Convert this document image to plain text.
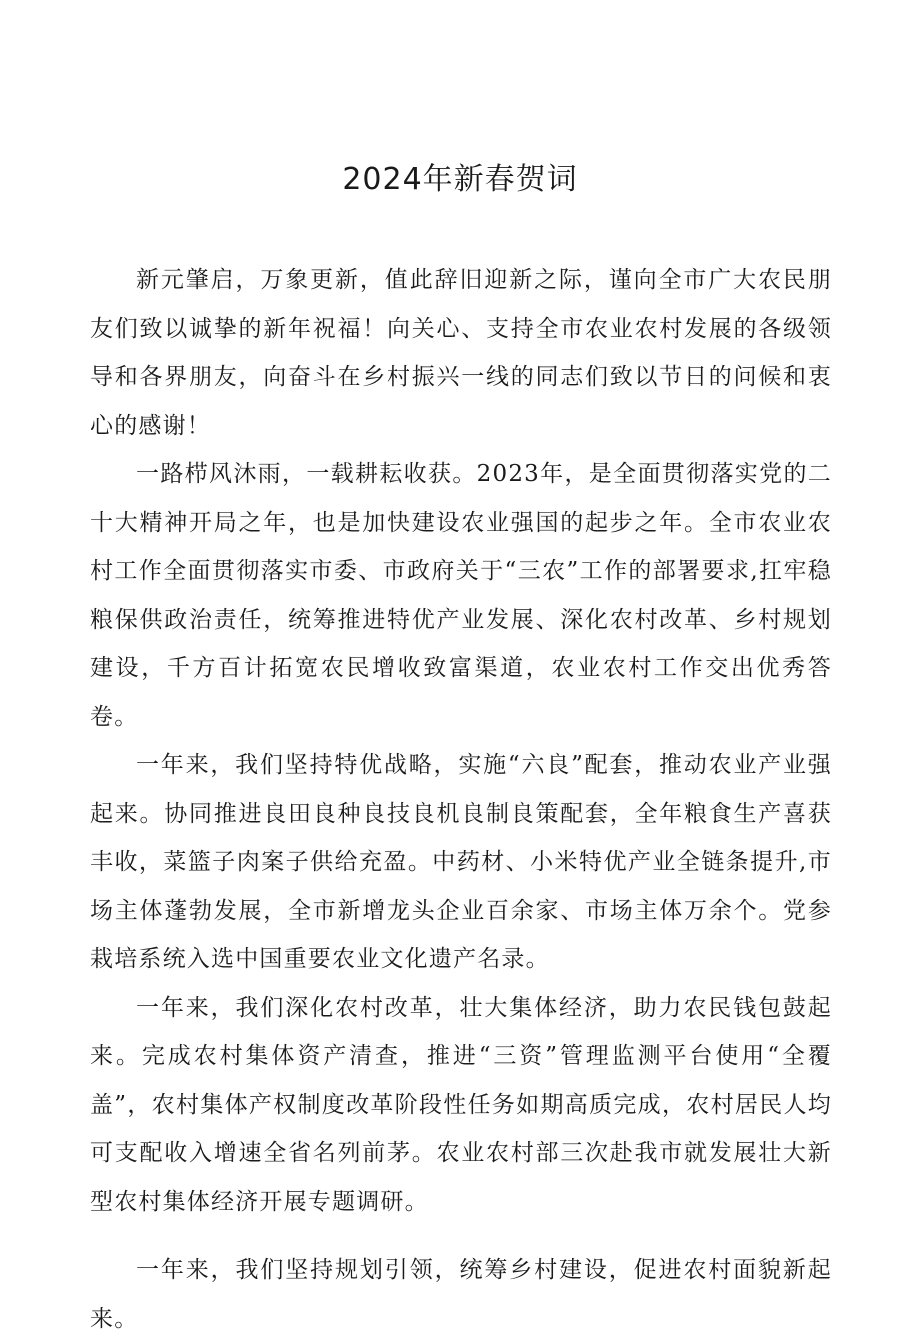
2024年新春贺词

新元肇启，万象更新，值此辞旧迎新之际，谨向全市广大农民朋友们致以诚挚的新年祝福！向关心、支持全市农业农村发展的各级领导和各界朋友，向奋斗在乡村振兴一线的同志们致以节日的问候和衷心的感谢！

一路栉风沐雨，一载耕耘收获。2023年，是全面贯彻落实党的二十大精神开局之年，也是加快建设农业强国的起步之年。全市农业农村工作全面贯彻落实市委、市政府关于“三农”工作的部署要求,扛牢稳粮保供政治责任，统筹推进特优产业发展、深化农村改革、乡村规划建设，千方百计拓宽农民增收致富渠道，农业农村工作交出优秀答卷。

一年来，我们坚持特优战略，实施“六良”配套，推动农业产业强起来。协同推进良田良种良技良机良制良策配套，全年粮食生产喜获丰收，菜篮子肉案子供给充盈。中药材、小米特优产业全链条提升,市场主体蓬勃发展，全市新增龙头企业百余家、市场主体万余个。党参栽培系统入选中国重要农业文化遗产名录。

一年来，我们深化农村改革，壮大集体经济，助力农民钱包鼓起来。完成农村集体资产清查，推进“三资”管理监测平台使用“全覆盖”，农村集体产权制度改革阶段性任务如期高质完成，农村居民人均可支配收入增速全省名列前茅。农业农村部三次赴我市就发展壮大新型农村集体经济开展专题调研。

一年来，我们坚持规划引领，统筹乡村建设，促进农村面貌新起来。
